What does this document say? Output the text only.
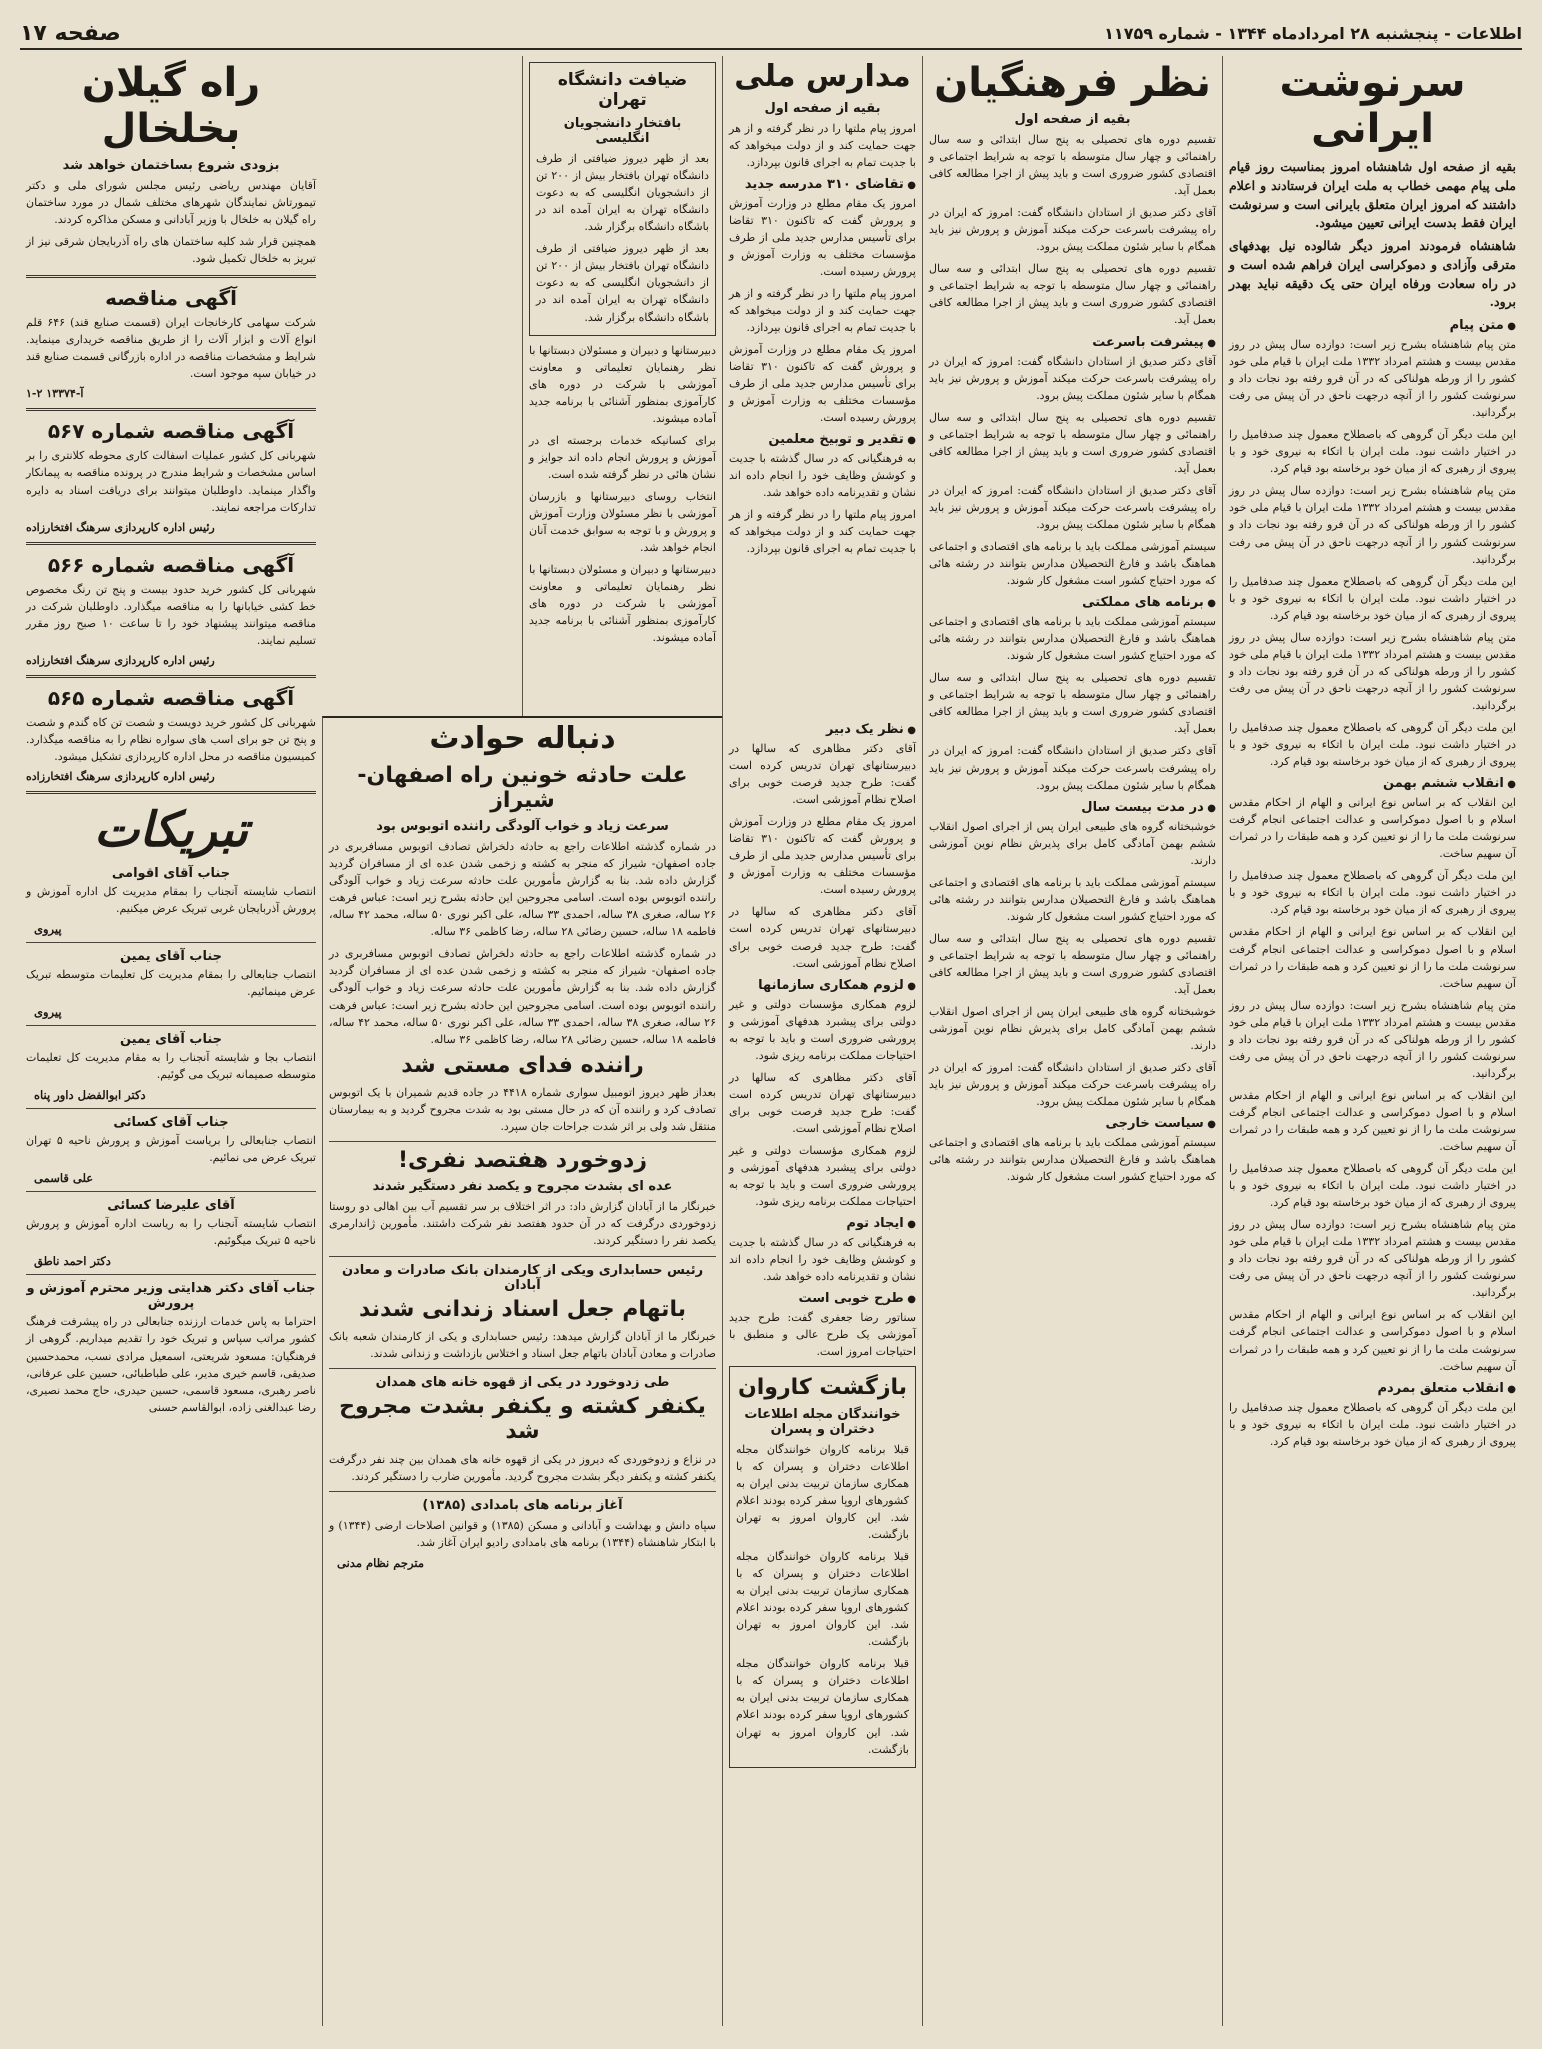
اطلاعات - پنجشنبه ۲۸ امردادماه ۱۳۴۴ - شماره ۱۱۷۵۹
صفحه ۱۷
سرنوشت ایرانی
بقیه از صفحه اول شاهنشاه امروز بمناسبت روز قیام ملی پیام مهمی خطاب به ملت ایران فرستادند و اعلام داشتند که امروز ایران متعلق بایرانی است و سرنوشت ایران فقط بدست ایرانی تعیین میشود.
شاهنشاه فرمودند امروز دیگر شالوده نیل بهدفهای مترقی وآزادی و دموکراسی ایران فراهم شده است و در راه سعادت ورفاه ایران حتی یک دقیقه نباید بهدر برود.
● متن پیام
متن پیام شاهنشاه بشرح زیر است: دوازده سال پیش در روز مقدس بیست و هشتم امرداد ۱۳۳۲ ملت ایران با قیام ملی خود کشور را از ورطه هولناکی که در آن فرو رفته بود نجات داد و سرنوشت کشور را از آنچه درجهت ناحق در آن پیش می رفت برگردانید.
این ملت دیگر آن گروهی که باصطلاح معمول چند صدفامیل را در اختیار داشت نبود. ملت ایران با اتکاء به نیروی خود و با پیروی از رهبری که از میان خود برخاسته بود قیام کرد.
متن پیام شاهنشاه بشرح زیر است: دوازده سال پیش در روز مقدس بیست و هشتم امرداد ۱۳۳۲ ملت ایران با قیام ملی خود کشور را از ورطه هولناکی که در آن فرو رفته بود نجات داد و سرنوشت کشور را از آنچه درجهت ناحق در آن پیش می رفت برگردانید.
این ملت دیگر آن گروهی که باصطلاح معمول چند صدفامیل را در اختیار داشت نبود. ملت ایران با اتکاء به نیروی خود و با پیروی از رهبری که از میان خود برخاسته بود قیام کرد.
متن پیام شاهنشاه بشرح زیر است: دوازده سال پیش در روز مقدس بیست و هشتم امرداد ۱۳۳۲ ملت ایران با قیام ملی خود کشور را از ورطه هولناکی که در آن فرو رفته بود نجات داد و سرنوشت کشور را از آنچه درجهت ناحق در آن پیش می رفت برگردانید.
این ملت دیگر آن گروهی که باصطلاح معمول چند صدفامیل را در اختیار داشت نبود. ملت ایران با اتکاء به نیروی خود و با پیروی از رهبری که از میان خود برخاسته بود قیام کرد.
● انقلاب ششم بهمن
این انقلاب که بر اساس نوع ایرانی و الهام از احکام مقدس اسلام و با اصول دموکراسی و عدالت اجتماعی انجام گرفت سرنوشت ملت ما را از نو تعیین کرد و همه طبقات را در ثمرات آن سهیم ساخت.
این ملت دیگر آن گروهی که باصطلاح معمول چند صدفامیل را در اختیار داشت نبود. ملت ایران با اتکاء به نیروی خود و با پیروی از رهبری که از میان خود برخاسته بود قیام کرد.
این انقلاب که بر اساس نوع ایرانی و الهام از احکام مقدس اسلام و با اصول دموکراسی و عدالت اجتماعی انجام گرفت سرنوشت ملت ما را از نو تعیین کرد و همه طبقات را در ثمرات آن سهیم ساخت.
متن پیام شاهنشاه بشرح زیر است: دوازده سال پیش در روز مقدس بیست و هشتم امرداد ۱۳۳۲ ملت ایران با قیام ملی خود کشور را از ورطه هولناکی که در آن فرو رفته بود نجات داد و سرنوشت کشور را از آنچه درجهت ناحق در آن پیش می رفت برگردانید.
این انقلاب که بر اساس نوع ایرانی و الهام از احکام مقدس اسلام و با اصول دموکراسی و عدالت اجتماعی انجام گرفت سرنوشت ملت ما را از نو تعیین کرد و همه طبقات را در ثمرات آن سهیم ساخت.
این ملت دیگر آن گروهی که باصطلاح معمول چند صدفامیل را در اختیار داشت نبود. ملت ایران با اتکاء به نیروی خود و با پیروی از رهبری که از میان خود برخاسته بود قیام کرد.
متن پیام شاهنشاه بشرح زیر است: دوازده سال پیش در روز مقدس بیست و هشتم امرداد ۱۳۳۲ ملت ایران با قیام ملی خود کشور را از ورطه هولناکی که در آن فرو رفته بود نجات داد و سرنوشت کشور را از آنچه درجهت ناحق در آن پیش می رفت برگردانید.
این انقلاب که بر اساس نوع ایرانی و الهام از احکام مقدس اسلام و با اصول دموکراسی و عدالت اجتماعی انجام گرفت سرنوشت ملت ما را از نو تعیین کرد و همه طبقات را در ثمرات آن سهیم ساخت.
● انقلاب متعلق بمردم
این ملت دیگر آن گروهی که باصطلاح معمول چند صدفامیل را در اختیار داشت نبود. ملت ایران با اتکاء به نیروی خود و با پیروی از رهبری که از میان خود برخاسته بود قیام کرد.
نظر فرهنگیان
بقیه از صفحه اول
تقسیم دوره های تحصیلی به پنج سال ابتدائی و سه سال راهنمائی و چهار سال متوسطه با توجه به شرایط اجتماعی و اقتصادی کشور ضروری است و باید پیش از اجرا مطالعه کافی بعمل آید.
آقای دکتر صدیق از استادان دانشگاه گفت: امروز که ایران در راه پیشرفت باسرعت حرکت میکند آموزش و پرورش نیز باید همگام با سایر شئون مملکت پیش برود.
تقسیم دوره های تحصیلی به پنج سال ابتدائی و سه سال راهنمائی و چهار سال متوسطه با توجه به شرایط اجتماعی و اقتصادی کشور ضروری است و باید پیش از اجرا مطالعه کافی بعمل آید.
● پیشرفت باسرعت
آقای دکتر صدیق از استادان دانشگاه گفت: امروز که ایران در راه پیشرفت باسرعت حرکت میکند آموزش و پرورش نیز باید همگام با سایر شئون مملکت پیش برود.
تقسیم دوره های تحصیلی به پنج سال ابتدائی و سه سال راهنمائی و چهار سال متوسطه با توجه به شرایط اجتماعی و اقتصادی کشور ضروری است و باید پیش از اجرا مطالعه کافی بعمل آید.
آقای دکتر صدیق از استادان دانشگاه گفت: امروز که ایران در راه پیشرفت باسرعت حرکت میکند آموزش و پرورش نیز باید همگام با سایر شئون مملکت پیش برود.
سیستم آموزشی مملکت باید با برنامه های اقتصادی و اجتماعی هماهنگ باشد و فارغ التحصیلان مدارس بتوانند در رشته هائی که مورد احتیاج کشور است مشغول کار شوند.
● برنامه های مملکتی
سیستم آموزشی مملکت باید با برنامه های اقتصادی و اجتماعی هماهنگ باشد و فارغ التحصیلان مدارس بتوانند در رشته هائی که مورد احتیاج کشور است مشغول کار شوند.
تقسیم دوره های تحصیلی به پنج سال ابتدائی و سه سال راهنمائی و چهار سال متوسطه با توجه به شرایط اجتماعی و اقتصادی کشور ضروری است و باید پیش از اجرا مطالعه کافی بعمل آید.
آقای دکتر صدیق از استادان دانشگاه گفت: امروز که ایران در راه پیشرفت باسرعت حرکت میکند آموزش و پرورش نیز باید همگام با سایر شئون مملکت پیش برود.
● در مدت بیست سال
خوشبختانه گروه های طبیعی ایران پس از اجرای اصول انقلاب ششم بهمن آمادگی کامل برای پذیرش نظام نوین آموزشی دارند.
سیستم آموزشی مملکت باید با برنامه های اقتصادی و اجتماعی هماهنگ باشد و فارغ التحصیلان مدارس بتوانند در رشته هائی که مورد احتیاج کشور است مشغول کار شوند.
تقسیم دوره های تحصیلی به پنج سال ابتدائی و سه سال راهنمائی و چهار سال متوسطه با توجه به شرایط اجتماعی و اقتصادی کشور ضروری است و باید پیش از اجرا مطالعه کافی بعمل آید.
خوشبختانه گروه های طبیعی ایران پس از اجرای اصول انقلاب ششم بهمن آمادگی کامل برای پذیرش نظام نوین آموزشی دارند.
آقای دکتر صدیق از استادان دانشگاه گفت: امروز که ایران در راه پیشرفت باسرعت حرکت میکند آموزش و پرورش نیز باید همگام با سایر شئون مملکت پیش برود.
● سیاست خارجی
سیستم آموزشی مملکت باید با برنامه های اقتصادی و اجتماعی هماهنگ باشد و فارغ التحصیلان مدارس بتوانند در رشته هائی که مورد احتیاج کشور است مشغول کار شوند.
مدارس ملی
بقیه از صفحه اول
امروز پیام ملتها را در نظر گرفته و از هر جهت حمایت کند و از دولت میخواهد که با جدیت تمام به اجرای قانون بپردازد.
● تقاضای ۳۱۰ مدرسه جدید
امروز یک مقام مطلع در وزارت آموزش و پرورش گفت که تاکنون ۳۱۰ تقاضا برای تأسیس مدارس جدید ملی از طرف مؤسسات مختلف به وزارت آموزش و پرورش رسیده است.
امروز پیام ملتها را در نظر گرفته و از هر جهت حمایت کند و از دولت میخواهد که با جدیت تمام به اجرای قانون بپردازد.
امروز یک مقام مطلع در وزارت آموزش و پرورش گفت که تاکنون ۳۱۰ تقاضا برای تأسیس مدارس جدید ملی از طرف مؤسسات مختلف به وزارت آموزش و پرورش رسیده است.
● تقدیر و توبیخ معلمین
به فرهنگیانی که در سال گذشته با جدیت و کوشش وظایف خود را انجام داده اند نشان و تقدیرنامه داده خواهد شد.
امروز پیام ملتها را در نظر گرفته و از هر جهت حمایت کند و از دولت میخواهد که با جدیت تمام به اجرای قانون بپردازد.
ضیافت دانشگاه تهران
بافتخار دانشجویان انگلیسی
بعد از ظهر دیروز ضیافتی از طرف دانشگاه تهران بافتخار بیش از ۲۰۰ تن از دانشجویان انگلیسی که به دعوت دانشگاه تهران به ایران آمده اند در باشگاه دانشگاه برگزار شد.
بعد از ظهر دیروز ضیافتی از طرف دانشگاه تهران بافتخار بیش از ۲۰۰ تن از دانشجویان انگلیسی که به دعوت دانشگاه تهران به ایران آمده اند در باشگاه دانشگاه برگزار شد.
دبیرستانها و دبیران و مسئولان دبستانها با نظر رهنمایان تعلیماتی و معاونت آموزشی با شرکت در دوره های کارآموزی بمنظور آشنائی با برنامه جدید آماده میشوند.
برای کسانیکه خدمات برجسته ای در آموزش و پرورش انجام داده اند جوایز و نشان هائی در نظر گرفته شده است.
انتخاب روسای دبیرستانها و بازرسان آموزشی با نظر مسئولان وزارت آموزش و پرورش و با توجه به سوابق خدمت آنان انجام خواهد شد.
دبیرستانها و دبیران و مسئولان دبستانها با نظر رهنمایان تعلیماتی و معاونت آموزشی با شرکت در دوره های کارآموزی بمنظور آشنائی با برنامه جدید آماده میشوند.
● نظر یک دبیر
آقای دکتر مظاهری که سالها در دبیرستانهای تهران تدریس کرده است گفت: طرح جدید فرصت خوبی برای اصلاح نظام آموزشی است.
امروز یک مقام مطلع در وزارت آموزش و پرورش گفت که تاکنون ۳۱۰ تقاضا برای تأسیس مدارس جدید ملی از طرف مؤسسات مختلف به وزارت آموزش و پرورش رسیده است.
آقای دکتر مظاهری که سالها در دبیرستانهای تهران تدریس کرده است گفت: طرح جدید فرصت خوبی برای اصلاح نظام آموزشی است.
● لزوم همکاری سازمانها
لزوم همکاری مؤسسات دولتی و غیر دولتی برای پیشبرد هدفهای آموزشی و پرورشی ضروری است و باید با توجه به احتیاجات مملکت برنامه ریزی شود.
آقای دکتر مظاهری که سالها در دبیرستانهای تهران تدریس کرده است گفت: طرح جدید فرصت خوبی برای اصلاح نظام آموزشی است.
لزوم همکاری مؤسسات دولتی و غیر دولتی برای پیشبرد هدفهای آموزشی و پرورشی ضروری است و باید با توجه به احتیاجات مملکت برنامه ریزی شود.
● ایجاد توم
به فرهنگیانی که در سال گذشته با جدیت و کوشش وظایف خود را انجام داده اند نشان و تقدیرنامه داده خواهد شد.
● طرح خوبی است
سناتور رضا جعفری گفت: طرح جدید آموزشی یک طرح عالی و منطبق با احتیاجات امروز است.
بازگشت کاروان
خوانندگان مجله اطلاعات دختران و پسران
قبلا برنامه کاروان خوانندگان مجله اطلاعات دختران و پسران که با همکاری سازمان تربیت بدنی ایران به کشورهای اروپا سفر کرده بودند اعلام شد. این کاروان امروز به تهران بازگشت.
قبلا برنامه کاروان خوانندگان مجله اطلاعات دختران و پسران که با همکاری سازمان تربیت بدنی ایران به کشورهای اروپا سفر کرده بودند اعلام شد. این کاروان امروز به تهران بازگشت.
قبلا برنامه کاروان خوانندگان مجله اطلاعات دختران و پسران که با همکاری سازمان تربیت بدنی ایران به کشورهای اروپا سفر کرده بودند اعلام شد. این کاروان امروز به تهران بازگشت.
دنباله حوادث
علت حادثه خونین راه اصفهان- شیراز
سرعت زیاد و خواب آلودگی راننده اتوبوس بود
در شماره گذشته اطلاعات راجع به حادثه دلخراش تصادف اتوبوس مسافربری در جاده اصفهان- شیراز که منجر به کشته و زخمی شدن عده ای از مسافران گردید گزارش داده شد. بنا به گزارش مأمورین علت حادثه سرعت زیاد و خواب آلودگی راننده اتوبوس بوده است. اسامی مجروحین این حادثه بشرح زیر است: عباس فرهت ۲۶ ساله، صغری ۳۸ ساله، احمدی ۳۳ ساله، علی اکبر نوری ۵۰ ساله، محمد ۴۲ ساله، فاطمه ۱۸ ساله، حسین رضائی ۲۸ ساله، رضا کاظمی ۳۶ ساله.
در شماره گذشته اطلاعات راجع به حادثه دلخراش تصادف اتوبوس مسافربری در جاده اصفهان- شیراز که منجر به کشته و زخمی شدن عده ای از مسافران گردید گزارش داده شد. بنا به گزارش مأمورین علت حادثه سرعت زیاد و خواب آلودگی راننده اتوبوس بوده است. اسامی مجروحین این حادثه بشرح زیر است: عباس فرهت ۲۶ ساله، صغری ۳۸ ساله، احمدی ۳۳ ساله، علی اکبر نوری ۵۰ ساله، محمد ۴۲ ساله، فاطمه ۱۸ ساله، حسین رضائی ۲۸ ساله، رضا کاظمی ۳۶ ساله.
راننده فدای مستی شد
بعداز ظهر دیروز اتومبیل سواری شماره ۴۴۱۸ در جاده قدیم شمیران با یک اتوبوس تصادف کرد و راننده آن که در حال مستی بود به شدت مجروح گردید و به بیمارستان منتقل شد ولی بر اثر شدت جراحات جان سپرد.
زدوخورد هفتصد نفری!
عده ای بشدت مجروح و یکصد نفر دستگیر شدند
خبرنگار ما از آبادان گزارش داد: در اثر اختلاف بر سر تقسیم آب بین اهالی دو روستا زدوخوردی درگرفت که در آن حدود هفتصد نفر شرکت داشتند. مأمورین ژاندارمری یکصد نفر را دستگیر کردند.
رئیس حسابداری ویکی از کارمندان بانک صادرات و معادن آبادان
باتهام جعل اسناد زندانی شدند
خبرنگار ما از آبادان گزارش میدهد: رئیس حسابداری و یکی از کارمندان شعبه بانک صادرات و معادن آبادان باتهام جعل اسناد و اختلاس بازداشت و زندانی شدند.
طی زدوخورد در یکی از قهوه خانه های همدان
یکنفر کشته و یکنفر بشدت مجروح شد
در نزاع و زدوخوردی که دیروز در یکی از قهوه خانه های همدان بین چند نفر درگرفت یکنفر کشته و یکنفر دیگر بشدت مجروح گردید. مأمورین ضارب را دستگیر کردند.
آغاز برنامه های بامدادی (۱۳۸۵)
سپاه دانش و بهداشت و آبادانی و مسکن (۱۳۸۵) و قوانین اصلاحات ارضی (۱۳۴۴) و با ابتکار شاهنشاه (۱۳۴۴) برنامه های بامدادی رادیو ایران آغاز شد.
مترجم نظام مدنی
راه گیلان بخلخال
بزودی شروع بساختمان خواهد شد
آقایان مهندس ریاضی رئیس مجلس شورای ملی و دکتر تیمورتاش نمایندگان شهرهای مختلف شمال در مورد ساختمان راه گیلان به خلخال با وزیر آبادانی و مسکن مذاکره کردند.
همچنین قرار شد کلیه ساختمان های راه آذربایجان شرقی نیز از تبریز به خلخال تکمیل شود.
آگهی مناقصه
شرکت سهامی کارخانجات ایران (قسمت صنایع قند) ۶۴۶ قلم انواع آلات و ابزار آلات را از طریق مناقصه خریداری مینماید. شرایط و مشخصات مناقصه در اداره بازرگانی قسمت صنایع قند در خیابان سپه موجود است.
آ-۱۳۳۷۴ ۲-۱
آگهی مناقصه شماره ۵۶۷
شهربانی کل کشور عملیات اسفالت کاری محوطه کلانتری را بر اساس مشخصات و شرایط مندرج در پرونده مناقصه به پیمانکار واگذار مینماید. داوطلبان میتوانند برای دریافت اسناد به دایره تدارکات مراجعه نمایند.
رئیس اداره کارپردازی سرهنگ افتخارزاده
آگهی مناقصه شماره ۵۶۶
شهربانی کل کشور خرید حدود بیست و پنج تن رنگ مخصوص خط کشی خیابانها را به مناقصه میگذارد. داوطلبان شرکت در مناقصه میتوانند پیشنهاد خود را تا ساعت ۱۰ صبح روز مقرر تسلیم نمایند.
رئیس اداره کارپردازی سرهنگ افتخارزاده
آگهی مناقصه شماره ۵۶۵
شهربانی کل کشور خرید دویست و شصت تن کاه گندم و شصت و پنج تن جو برای اسب های سواره نظام را به مناقصه میگذارد. کمیسیون مناقصه در محل اداره کارپردازی تشکیل میشود.
رئیس اداره کارپردازی سرهنگ افتخارزاده
تبریکات
جناب آقای اقوامی
انتصاب شایسته آنجناب را بمقام مدیریت کل اداره آموزش و پرورش آذربایجان غربی تبریک عرض میکنیم.
پیروی
جناب آقای یمین
انتصاب جنابعالی را بمقام مدیریت کل تعلیمات متوسطه تبریک عرض مینمائیم.
پیروی
جناب آقای یمین
انتصاب بجا و شایسته آنجناب را به مقام مدیریت کل تعلیمات متوسطه صمیمانه تبریک می گوئیم.
دکتر ابوالفضل داور پناه
جناب آقای کسائی
انتصاب جنابعالی را بریاست آموزش و پرورش ناحیه ۵ تهران تبریک عرض می نمائیم.
علی قاسمی
آقای علیرضا کسائی
انتصاب شایسته آنجناب را به ریاست اداره آموزش و پرورش ناحیه ۵ تبریک میگوئیم.
دکتر احمد ناطق
جناب آقای دکتر هدایتی وزیر محترم آموزش و پرورش
احتراما به پاس خدمات ارزنده جنابعالی در راه پیشرفت فرهنگ کشور مراتب سپاس و تبریک خود را تقدیم میداریم. گروهی از فرهنگیان: مسعود شریعتی، اسمعیل مرادی نسب، محمدحسین صدیقی، قاسم خیری مدیر، علی طباطبائی، حسین علی عرفانی، ناصر رهبری، مسعود قاسمی، حسین حیدری، حاج محمد نصیری، رضا عبدالغنی زاده، ابوالقاسم حسنی
